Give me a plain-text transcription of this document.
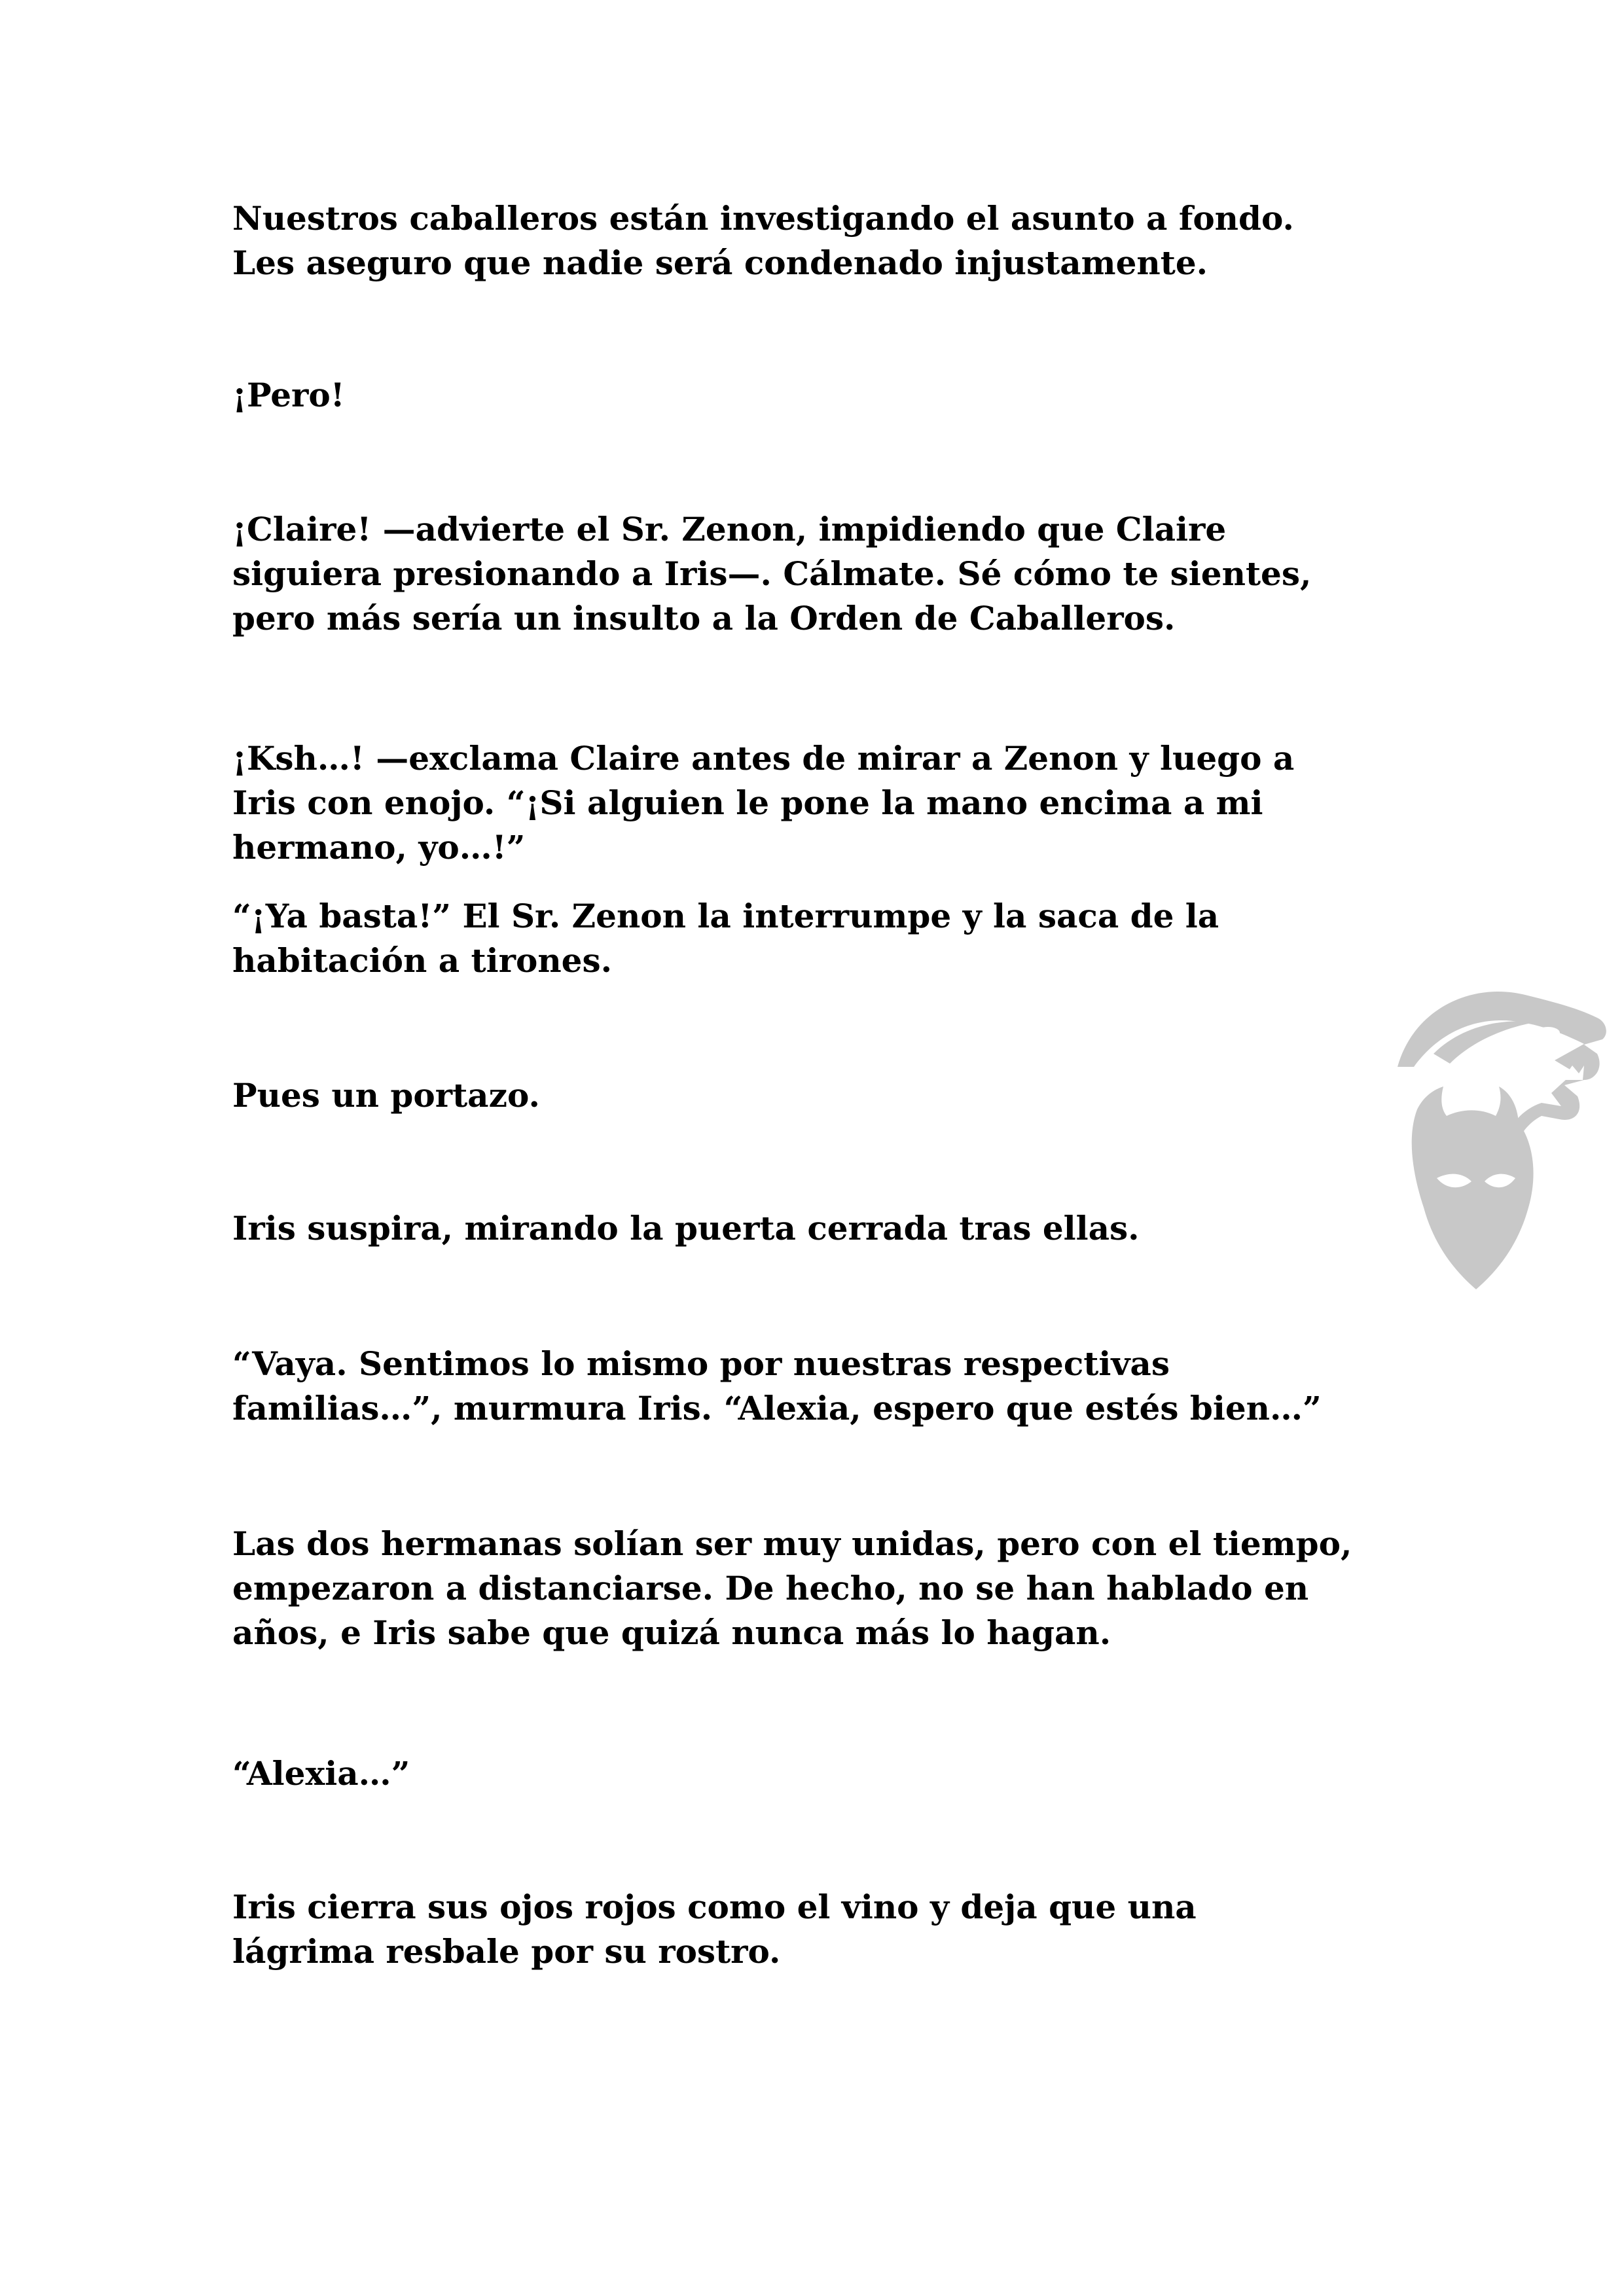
Nuestros caballeros están investigando el asunto a fondo.
Les aseguro que nadie será condenado injustamente.

¡Pero!

¡Claire! —advierte el Sr. Zenon, impidiendo que Claire
siguiera presionando a Iris—. Cálmate. Sé cómo te sientes,
pero más sería un insulto a la Orden de Caballeros.

¡Ksh…! —exclama Claire antes de mirar a Zenon y luego a
Iris con enojo. “¡Si alguien le pone la mano encima a mi
hermano, yo…!”

“¡Ya basta!” El Sr. Zenon la interrumpe y la saca de la
habitación a tirones.

Pues un portazo.

Iris suspira, mirando la puerta cerrada tras ellas.

“Vaya. Sentimos lo mismo por nuestras respectivas
familias…”, murmura Iris. “Alexia, espero que estés bien…”

Las dos hermanas solían ser muy unidas, pero con el tiempo,
empezaron a distanciarse. De hecho, no se han hablado en
años, e Iris sabe que quizá nunca más lo hagan.

“Alexia…”

Iris cierra sus ojos rojos como el vino y deja que una
lágrima resbale por su rostro.
